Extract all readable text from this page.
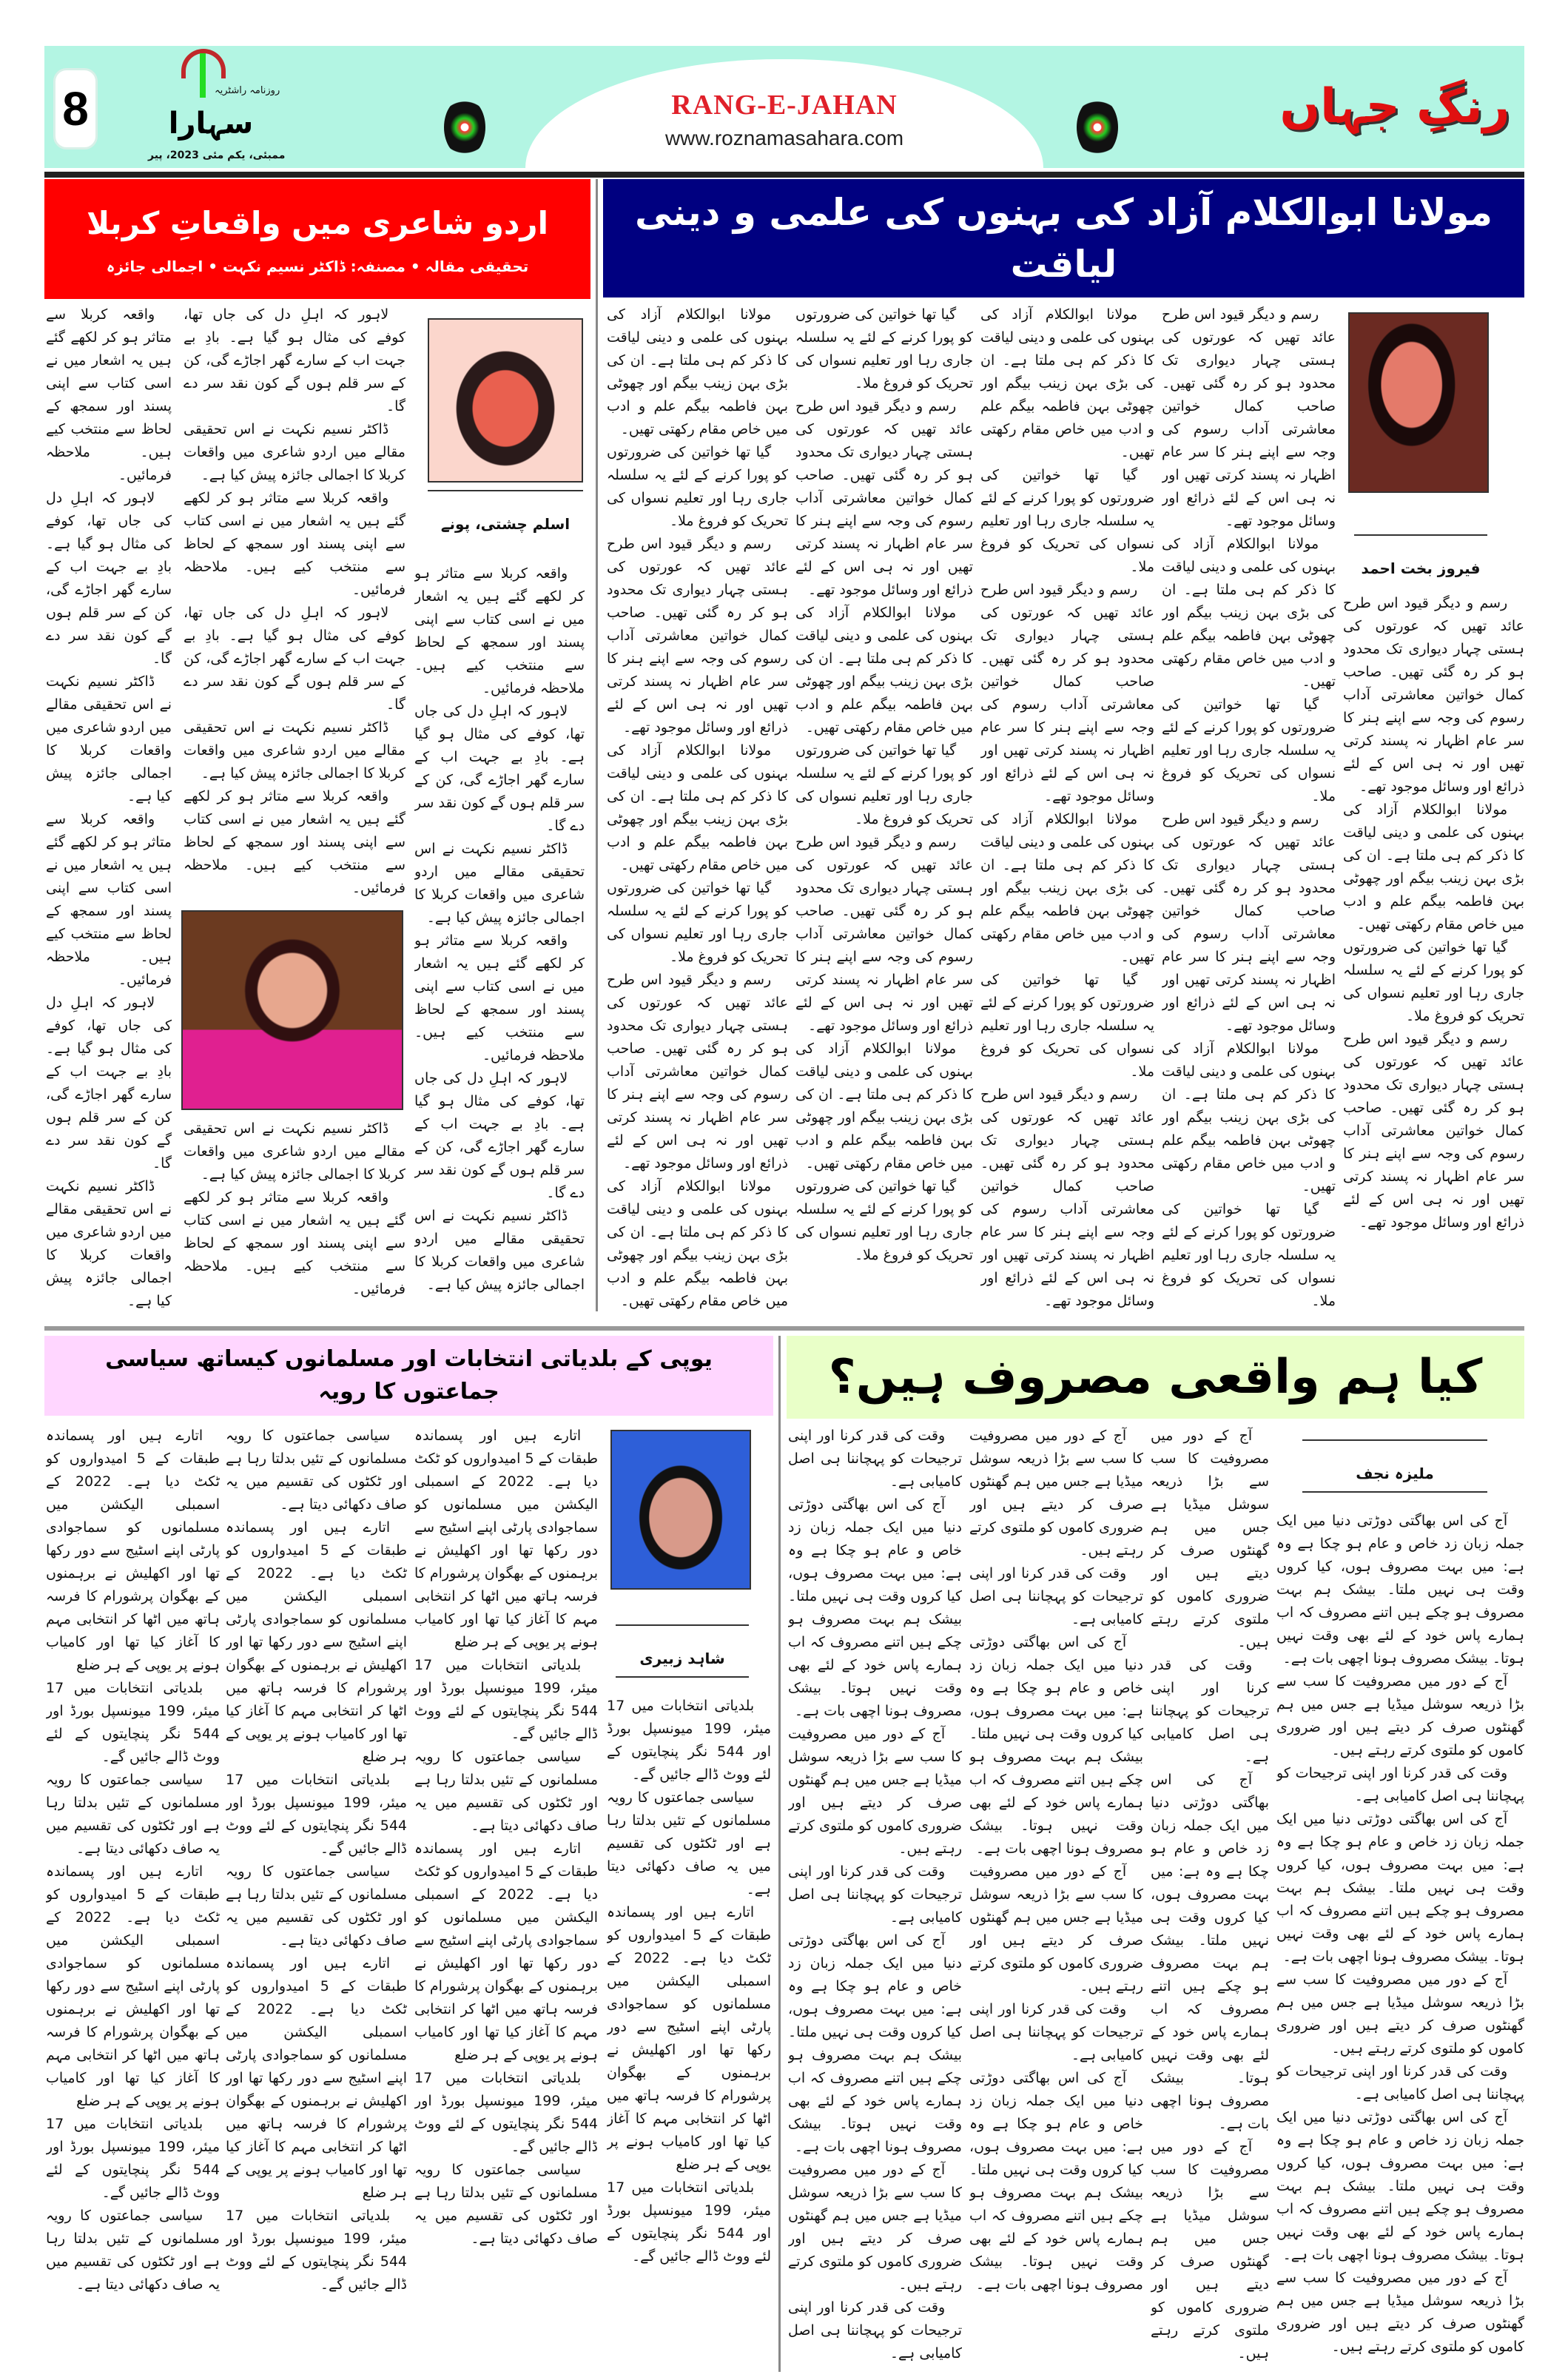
8	روزنامہ راشٹریہ
سہارا
ممبئی، یکم مئی 2023، پیر
RANG-E-JAHAN
www.roznamasahara.com
رنگِ جہاں
اردو شاعری میں واقعاتِ کربلا
تحقیقی مقالہ • مصنفہ: ڈاکٹر نسیم نکہت • اجمالی جائزہ
اسلم چشتی، پونے

واقعہ کربلا سے متاثر ہو کر لکھے گئے ہیں یہ اشعار میں نے اسی کتاب سے اپنی پسند اور سمجھ کے لحاظ سے منتخب کیے ہیں۔ ملاحظہ فرمائیں۔

لاہور کہ اہلِ دل کی جاں تھا، کوفے کی مثال ہو گیا ہے۔ بادِ بے جہت اب کے سارے گھر اجاڑے گی، کن کے سر قلم ہوں گے کون نقد سر دے گا۔

ڈاکٹر نسیم نکہت نے اس تحقیقی مقالے میں اردو شاعری میں واقعات کربلا کا اجمالی جائزہ پیش کیا ہے۔

واقعہ کربلا سے متاثر ہو کر لکھے گئے ہیں یہ اشعار میں نے اسی کتاب سے اپنی پسند اور سمجھ کے لحاظ سے منتخب کیے ہیں۔ ملاحظہ فرمائیں۔

لاہور کہ اہلِ دل کی جاں تھا، کوفے کی مثال ہو گیا ہے۔ بادِ بے جہت اب کے سارے گھر اجاڑے گی، کن کے سر قلم ہوں گے کون نقد سر دے گا۔

ڈاکٹر نسیم نکہت نے اس تحقیقی مقالے میں اردو شاعری میں واقعات کربلا کا اجمالی جائزہ پیش کیا ہے۔

لاہور کہ اہلِ دل کی جاں تھا، کوفے کی مثال ہو گیا ہے۔ بادِ بے جہت اب کے سارے گھر اجاڑے گی، کن کے سر قلم ہوں گے کون نقد سر دے گا۔

ڈاکٹر نسیم نکہت نے اس تحقیقی مقالے میں اردو شاعری میں واقعات کربلا کا اجمالی جائزہ پیش کیا ہے۔

واقعہ کربلا سے متاثر ہو کر لکھے گئے ہیں یہ اشعار میں نے اسی کتاب سے اپنی پسند اور سمجھ کے لحاظ سے منتخب کیے ہیں۔ ملاحظہ فرمائیں۔

لاہور کہ اہلِ دل کی جاں تھا، کوفے کی مثال ہو گیا ہے۔ بادِ بے جہت اب کے سارے گھر اجاڑے گی، کن کے سر قلم ہوں گے کون نقد سر دے گا۔

ڈاکٹر نسیم نکہت نے اس تحقیقی مقالے میں اردو شاعری میں واقعات کربلا کا اجمالی جائزہ پیش کیا ہے۔

واقعہ کربلا سے متاثر ہو کر لکھے گئے ہیں یہ اشعار میں نے اسی کتاب سے اپنی پسند اور سمجھ کے لحاظ سے منتخب کیے ہیں۔ ملاحظہ فرمائیں۔

ڈاکٹر نسیم نکہت نے اس تحقیقی مقالے میں اردو شاعری میں واقعات کربلا کا اجمالی جائزہ پیش کیا ہے۔

واقعہ کربلا سے متاثر ہو کر لکھے گئے ہیں یہ اشعار میں نے اسی کتاب سے اپنی پسند اور سمجھ کے لحاظ سے منتخب کیے ہیں۔ ملاحظہ فرمائیں۔

واقعہ کربلا سے متاثر ہو کر لکھے گئے ہیں یہ اشعار میں نے اسی کتاب سے اپنی پسند اور سمجھ کے لحاظ سے منتخب کیے ہیں۔ ملاحظہ فرمائیں۔

لاہور کہ اہلِ دل کی جاں تھا، کوفے کی مثال ہو گیا ہے۔ بادِ بے جہت اب کے سارے گھر اجاڑے گی، کن کے سر قلم ہوں گے کون نقد سر دے گا۔

ڈاکٹر نسیم نکہت نے اس تحقیقی مقالے میں اردو شاعری میں واقعات کربلا کا اجمالی جائزہ پیش کیا ہے۔

واقعہ کربلا سے متاثر ہو کر لکھے گئے ہیں یہ اشعار میں نے اسی کتاب سے اپنی پسند اور سمجھ کے لحاظ سے منتخب کیے ہیں۔ ملاحظہ فرمائیں۔

لاہور کہ اہلِ دل کی جاں تھا، کوفے کی مثال ہو گیا ہے۔ بادِ بے جہت اب کے سارے گھر اجاڑے گی، کن کے سر قلم ہوں گے کون نقد سر دے گا۔

ڈاکٹر نسیم نکہت نے اس تحقیقی مقالے میں اردو شاعری میں واقعات کربلا کا اجمالی جائزہ پیش کیا ہے۔

مولانا ابوالکلام آزاد کی بہنوں کی علمی و دینی لیاقت
فیروز بخت احمد

رسم و دیگر قیود اس طرح عائد تھیں کہ عورتوں کی ہستی چہار دیواری تک محدود ہو کر رہ گئی تھیں۔ صاحب کمال خواتین معاشرتی آداب رسوم کی وجہ سے اپنے ہنر کا سر عام اظہار نہ پسند کرتی تھیں اور نہ ہی اس کے لئے ذرائع اور وسائل موجود تھے۔

مولانا ابوالکلام آزاد کی بہنوں کی علمی و دینی لیاقت کا ذکر کم ہی ملتا ہے۔ ان کی بڑی بہن زینب بیگم اور چھوٹی بہن فاطمہ بیگم علم و ادب میں خاص مقام رکھتی تھیں۔

گیا تھا خواتین کی ضرورتوں کو پورا کرنے کے لئے یہ سلسلہ جاری رہا اور تعلیم نسواں کی تحریک کو فروغ ملا۔

رسم و دیگر قیود اس طرح عائد تھیں کہ عورتوں کی ہستی چہار دیواری تک محدود ہو کر رہ گئی تھیں۔ صاحب کمال خواتین معاشرتی آداب رسوم کی وجہ سے اپنے ہنر کا سر عام اظہار نہ پسند کرتی تھیں اور نہ ہی اس کے لئے ذرائع اور وسائل موجود تھے۔

رسم و دیگر قیود اس طرح عائد تھیں کہ عورتوں کی ہستی چہار دیواری تک محدود ہو کر رہ گئی تھیں۔ صاحب کمال خواتین معاشرتی آداب رسوم کی وجہ سے اپنے ہنر کا سر عام اظہار نہ پسند کرتی تھیں اور نہ ہی اس کے لئے ذرائع اور وسائل موجود تھے۔

مولانا ابوالکلام آزاد کی بہنوں کی علمی و دینی لیاقت کا ذکر کم ہی ملتا ہے۔ ان کی بڑی بہن زینب بیگم اور چھوٹی بہن فاطمہ بیگم علم و ادب میں خاص مقام رکھتی تھیں۔

گیا تھا خواتین کی ضرورتوں کو پورا کرنے کے لئے یہ سلسلہ جاری رہا اور تعلیم نسواں کی تحریک کو فروغ ملا۔

رسم و دیگر قیود اس طرح عائد تھیں کہ عورتوں کی ہستی چہار دیواری تک محدود ہو کر رہ گئی تھیں۔ صاحب کمال خواتین معاشرتی آداب رسوم کی وجہ سے اپنے ہنر کا سر عام اظہار نہ پسند کرتی تھیں اور نہ ہی اس کے لئے ذرائع اور وسائل موجود تھے۔

مولانا ابوالکلام آزاد کی بہنوں کی علمی و دینی لیاقت کا ذکر کم ہی ملتا ہے۔ ان کی بڑی بہن زینب بیگم اور چھوٹی بہن فاطمہ بیگم علم و ادب میں خاص مقام رکھتی تھیں۔

گیا تھا خواتین کی ضرورتوں کو پورا کرنے کے لئے یہ سلسلہ جاری رہا اور تعلیم نسواں کی تحریک کو فروغ ملا۔

مولانا ابوالکلام آزاد کی بہنوں کی علمی و دینی لیاقت کا ذکر کم ہی ملتا ہے۔ ان کی بڑی بہن زینب بیگم اور چھوٹی بہن فاطمہ بیگم علم و ادب میں خاص مقام رکھتی تھیں۔

گیا تھا خواتین کی ضرورتوں کو پورا کرنے کے لئے یہ سلسلہ جاری رہا اور تعلیم نسواں کی تحریک کو فروغ ملا۔

رسم و دیگر قیود اس طرح عائد تھیں کہ عورتوں کی ہستی چہار دیواری تک محدود ہو کر رہ گئی تھیں۔ صاحب کمال خواتین معاشرتی آداب رسوم کی وجہ سے اپنے ہنر کا سر عام اظہار نہ پسند کرتی تھیں اور نہ ہی اس کے لئے ذرائع اور وسائل موجود تھے۔

مولانا ابوالکلام آزاد کی بہنوں کی علمی و دینی لیاقت کا ذکر کم ہی ملتا ہے۔ ان کی بڑی بہن زینب بیگم اور چھوٹی بہن فاطمہ بیگم علم و ادب میں خاص مقام رکھتی تھیں۔

گیا تھا خواتین کی ضرورتوں کو پورا کرنے کے لئے یہ سلسلہ جاری رہا اور تعلیم نسواں کی تحریک کو فروغ ملا۔

رسم و دیگر قیود اس طرح عائد تھیں کہ عورتوں کی ہستی چہار دیواری تک محدود ہو کر رہ گئی تھیں۔ صاحب کمال خواتین معاشرتی آداب رسوم کی وجہ سے اپنے ہنر کا سر عام اظہار نہ پسند کرتی تھیں اور نہ ہی اس کے لئے ذرائع اور وسائل موجود تھے۔

گیا تھا خواتین کی ضرورتوں کو پورا کرنے کے لئے یہ سلسلہ جاری رہا اور تعلیم نسواں کی تحریک کو فروغ ملا۔

رسم و دیگر قیود اس طرح عائد تھیں کہ عورتوں کی ہستی چہار دیواری تک محدود ہو کر رہ گئی تھیں۔ صاحب کمال خواتین معاشرتی آداب رسوم کی وجہ سے اپنے ہنر کا سر عام اظہار نہ پسند کرتی تھیں اور نہ ہی اس کے لئے ذرائع اور وسائل موجود تھے۔

مولانا ابوالکلام آزاد کی بہنوں کی علمی و دینی لیاقت کا ذکر کم ہی ملتا ہے۔ ان کی بڑی بہن زینب بیگم اور چھوٹی بہن فاطمہ بیگم علم و ادب میں خاص مقام رکھتی تھیں۔

گیا تھا خواتین کی ضرورتوں کو پورا کرنے کے لئے یہ سلسلہ جاری رہا اور تعلیم نسواں کی تحریک کو فروغ ملا۔

رسم و دیگر قیود اس طرح عائد تھیں کہ عورتوں کی ہستی چہار دیواری تک محدود ہو کر رہ گئی تھیں۔ صاحب کمال خواتین معاشرتی آداب رسوم کی وجہ سے اپنے ہنر کا سر عام اظہار نہ پسند کرتی تھیں اور نہ ہی اس کے لئے ذرائع اور وسائل موجود تھے۔

مولانا ابوالکلام آزاد کی بہنوں کی علمی و دینی لیاقت کا ذکر کم ہی ملتا ہے۔ ان کی بڑی بہن زینب بیگم اور چھوٹی بہن فاطمہ بیگم علم و ادب میں خاص مقام رکھتی تھیں۔

گیا تھا خواتین کی ضرورتوں کو پورا کرنے کے لئے یہ سلسلہ جاری رہا اور تعلیم نسواں کی تحریک کو فروغ ملا۔

مولانا ابوالکلام آزاد کی بہنوں کی علمی و دینی لیاقت کا ذکر کم ہی ملتا ہے۔ ان کی بڑی بہن زینب بیگم اور چھوٹی بہن فاطمہ بیگم علم و ادب میں خاص مقام رکھتی تھیں۔

گیا تھا خواتین کی ضرورتوں کو پورا کرنے کے لئے یہ سلسلہ جاری رہا اور تعلیم نسواں کی تحریک کو فروغ ملا۔

رسم و دیگر قیود اس طرح عائد تھیں کہ عورتوں کی ہستی چہار دیواری تک محدود ہو کر رہ گئی تھیں۔ صاحب کمال خواتین معاشرتی آداب رسوم کی وجہ سے اپنے ہنر کا سر عام اظہار نہ پسند کرتی تھیں اور نہ ہی اس کے لئے ذرائع اور وسائل موجود تھے۔

مولانا ابوالکلام آزاد کی بہنوں کی علمی و دینی لیاقت کا ذکر کم ہی ملتا ہے۔ ان کی بڑی بہن زینب بیگم اور چھوٹی بہن فاطمہ بیگم علم و ادب میں خاص مقام رکھتی تھیں۔

گیا تھا خواتین کی ضرورتوں کو پورا کرنے کے لئے یہ سلسلہ جاری رہا اور تعلیم نسواں کی تحریک کو فروغ ملا۔

رسم و دیگر قیود اس طرح عائد تھیں کہ عورتوں کی ہستی چہار دیواری تک محدود ہو کر رہ گئی تھیں۔ صاحب کمال خواتین معاشرتی آداب رسوم کی وجہ سے اپنے ہنر کا سر عام اظہار نہ پسند کرتی تھیں اور نہ ہی اس کے لئے ذرائع اور وسائل موجود تھے۔

مولانا ابوالکلام آزاد کی بہنوں کی علمی و دینی لیاقت کا ذکر کم ہی ملتا ہے۔ ان کی بڑی بہن زینب بیگم اور چھوٹی بہن فاطمہ بیگم علم و ادب میں خاص مقام رکھتی تھیں۔

یوپی کے بلدیاتی انتخابات اور مسلمانوں کیساتھ سیاسی جماعتوں کا رویہ
شاہد زبیری

بلدیاتی انتخابات میں 17 میئر، 199 میونسپل بورڈ اور 544 نگر پنچایتوں کے لئے ووٹ ڈالے جائیں گے۔

سیاسی جماعتوں کا رویہ مسلمانوں کے تئیں بدلتا رہا ہے اور ٹکٹوں کی تقسیم میں یہ صاف دکھائی دیتا ہے۔

اتارے ہیں اور پسماندہ طبقات کے 5 امیدواروں کو ٹکٹ دیا ہے۔ 2022 کے اسمبلی الیکشن میں مسلمانوں کو سماجوادی پارٹی اپنے اسٹیج سے دور رکھا تھا اور اکھلیش نے برہمنوں کے بھگوان پرشورام کا فرسہ ہاتھ میں اٹھا کر انتخابی مہم کا آغاز کیا تھا اور کامیاب ہونے پر یوپی کے ہر ضلع

بلدیاتی انتخابات میں 17 میئر، 199 میونسپل بورڈ اور 544 نگر پنچایتوں کے لئے ووٹ ڈالے جائیں گے۔

اتارے ہیں اور پسماندہ طبقات کے 5 امیدواروں کو ٹکٹ دیا ہے۔ 2022 کے اسمبلی الیکشن میں مسلمانوں کو سماجوادی پارٹی اپنے اسٹیج سے دور رکھا تھا اور اکھلیش نے برہمنوں کے بھگوان پرشورام کا فرسہ ہاتھ میں اٹھا کر انتخابی مہم کا آغاز کیا تھا اور کامیاب ہونے پر یوپی کے ہر ضلع

بلدیاتی انتخابات میں 17 میئر، 199 میونسپل بورڈ اور 544 نگر پنچایتوں کے لئے ووٹ ڈالے جائیں گے۔

سیاسی جماعتوں کا رویہ مسلمانوں کے تئیں بدلتا رہا ہے اور ٹکٹوں کی تقسیم میں یہ صاف دکھائی دیتا ہے۔

اتارے ہیں اور پسماندہ طبقات کے 5 امیدواروں کو ٹکٹ دیا ہے۔ 2022 کے اسمبلی الیکشن میں مسلمانوں کو سماجوادی پارٹی اپنے اسٹیج سے دور رکھا تھا اور اکھلیش نے برہمنوں کے بھگوان پرشورام کا فرسہ ہاتھ میں اٹھا کر انتخابی مہم کا آغاز کیا تھا اور کامیاب ہونے پر یوپی کے ہر ضلع

بلدیاتی انتخابات میں 17 میئر، 199 میونسپل بورڈ اور 544 نگر پنچایتوں کے لئے ووٹ ڈالے جائیں گے۔

سیاسی جماعتوں کا رویہ مسلمانوں کے تئیں بدلتا رہا ہے اور ٹکٹوں کی تقسیم میں یہ صاف دکھائی دیتا ہے۔

سیاسی جماعتوں کا رویہ مسلمانوں کے تئیں بدلتا رہا ہے اور ٹکٹوں کی تقسیم میں یہ صاف دکھائی دیتا ہے۔

اتارے ہیں اور پسماندہ طبقات کے 5 امیدواروں کو ٹکٹ دیا ہے۔ 2022 کے اسمبلی الیکشن میں مسلمانوں کو سماجوادی پارٹی اپنے اسٹیج سے دور رکھا تھا اور اکھلیش نے برہمنوں کے بھگوان پرشورام کا فرسہ ہاتھ میں اٹھا کر انتخابی مہم کا آغاز کیا تھا اور کامیاب ہونے پر یوپی کے ہر ضلع

بلدیاتی انتخابات میں 17 میئر، 199 میونسپل بورڈ اور 544 نگر پنچایتوں کے لئے ووٹ ڈالے جائیں گے۔

سیاسی جماعتوں کا رویہ مسلمانوں کے تئیں بدلتا رہا ہے اور ٹکٹوں کی تقسیم میں یہ صاف دکھائی دیتا ہے۔

اتارے ہیں اور پسماندہ طبقات کے 5 امیدواروں کو ٹکٹ دیا ہے۔ 2022 کے اسمبلی الیکشن میں مسلمانوں کو سماجوادی پارٹی اپنے اسٹیج سے دور رکھا تھا اور اکھلیش نے برہمنوں کے بھگوان پرشورام کا فرسہ ہاتھ میں اٹھا کر انتخابی مہم کا آغاز کیا تھا اور کامیاب ہونے پر یوپی کے ہر ضلع

بلدیاتی انتخابات میں 17 میئر، 199 میونسپل بورڈ اور 544 نگر پنچایتوں کے لئے ووٹ ڈالے جائیں گے۔

اتارے ہیں اور پسماندہ طبقات کے 5 امیدواروں کو ٹکٹ دیا ہے۔ 2022 کے اسمبلی الیکشن میں مسلمانوں کو سماجوادی پارٹی اپنے اسٹیج سے دور رکھا تھا اور اکھلیش نے برہمنوں کے بھگوان پرشورام کا فرسہ ہاتھ میں اٹھا کر انتخابی مہم کا آغاز کیا تھا اور کامیاب ہونے پر یوپی کے ہر ضلع

بلدیاتی انتخابات میں 17 میئر، 199 میونسپل بورڈ اور 544 نگر پنچایتوں کے لئے ووٹ ڈالے جائیں گے۔

سیاسی جماعتوں کا رویہ مسلمانوں کے تئیں بدلتا رہا ہے اور ٹکٹوں کی تقسیم میں یہ صاف دکھائی دیتا ہے۔

اتارے ہیں اور پسماندہ طبقات کے 5 امیدواروں کو ٹکٹ دیا ہے۔ 2022 کے اسمبلی الیکشن میں مسلمانوں کو سماجوادی پارٹی اپنے اسٹیج سے دور رکھا تھا اور اکھلیش نے برہمنوں کے بھگوان پرشورام کا فرسہ ہاتھ میں اٹھا کر انتخابی مہم کا آغاز کیا تھا اور کامیاب ہونے پر یوپی کے ہر ضلع

بلدیاتی انتخابات میں 17 میئر، 199 میونسپل بورڈ اور 544 نگر پنچایتوں کے لئے ووٹ ڈالے جائیں گے۔

سیاسی جماعتوں کا رویہ مسلمانوں کے تئیں بدلتا رہا ہے اور ٹکٹوں کی تقسیم میں یہ صاف دکھائی دیتا ہے۔

کیا ہم واقعی مصروف ہیں؟
ملیزہ نجف

آج کی اس بھاگتی دوڑتی دنیا میں ایک جملہ زبان زد خاص و عام ہو چکا ہے وہ ہے: میں بہت مصروف ہوں، کیا کروں وقت ہی نہیں ملتا۔ بیشک ہم بہت مصروف ہو چکے ہیں اتنے مصروف کہ اب ہمارے پاس خود کے لئے بھی وقت نہیں ہوتا۔ بیشک مصروف ہونا اچھی بات ہے۔

آج کے دور میں مصروفیت کا سب سے بڑا ذریعہ سوشل میڈیا ہے جس میں ہم گھنٹوں صرف کر دیتے ہیں اور ضروری کاموں کو ملتوی کرتے رہتے ہیں۔

وقت کی قدر کرنا اور اپنی ترجیحات کو پہچاننا ہی اصل کامیابی ہے۔

آج کی اس بھاگتی دوڑتی دنیا میں ایک جملہ زبان زد خاص و عام ہو چکا ہے وہ ہے: میں بہت مصروف ہوں، کیا کروں وقت ہی نہیں ملتا۔ بیشک ہم بہت مصروف ہو چکے ہیں اتنے مصروف کہ اب ہمارے پاس خود کے لئے بھی وقت نہیں ہوتا۔ بیشک مصروف ہونا اچھی بات ہے۔

آج کے دور میں مصروفیت کا سب سے بڑا ذریعہ سوشل میڈیا ہے جس میں ہم گھنٹوں صرف کر دیتے ہیں اور ضروری کاموں کو ملتوی کرتے رہتے ہیں۔

وقت کی قدر کرنا اور اپنی ترجیحات کو پہچاننا ہی اصل کامیابی ہے۔

آج کی اس بھاگتی دوڑتی دنیا میں ایک جملہ زبان زد خاص و عام ہو چکا ہے وہ ہے: میں بہت مصروف ہوں، کیا کروں وقت ہی نہیں ملتا۔ بیشک ہم بہت مصروف ہو چکے ہیں اتنے مصروف کہ اب ہمارے پاس خود کے لئے بھی وقت نہیں ہوتا۔ بیشک مصروف ہونا اچھی بات ہے۔

آج کے دور میں مصروفیت کا سب سے بڑا ذریعہ سوشل میڈیا ہے جس میں ہم گھنٹوں صرف کر دیتے ہیں اور ضروری کاموں کو ملتوی کرتے رہتے ہیں۔

آج کے دور میں مصروفیت کا سب سے بڑا ذریعہ سوشل میڈیا ہے جس میں ہم گھنٹوں صرف کر دیتے ہیں اور ضروری کاموں کو ملتوی کرتے رہتے ہیں۔

وقت کی قدر کرنا اور اپنی ترجیحات کو پہچاننا ہی اصل کامیابی ہے۔

آج کی اس بھاگتی دوڑتی دنیا میں ایک جملہ زبان زد خاص و عام ہو چکا ہے وہ ہے: میں بہت مصروف ہوں، کیا کروں وقت ہی نہیں ملتا۔ بیشک ہم بہت مصروف ہو چکے ہیں اتنے مصروف کہ اب ہمارے پاس خود کے لئے بھی وقت نہیں ہوتا۔ بیشک مصروف ہونا اچھی بات ہے۔

آج کے دور میں مصروفیت کا سب سے بڑا ذریعہ سوشل میڈیا ہے جس میں ہم گھنٹوں صرف کر دیتے ہیں اور ضروری کاموں کو ملتوی کرتے رہتے ہیں۔

آج کے دور میں مصروفیت کا سب سے بڑا ذریعہ سوشل میڈیا ہے جس میں ہم گھنٹوں صرف کر دیتے ہیں اور ضروری کاموں کو ملتوی کرتے رہتے ہیں۔

وقت کی قدر کرنا اور اپنی ترجیحات کو پہچاننا ہی اصل کامیابی ہے۔

آج کی اس بھاگتی دوڑتی دنیا میں ایک جملہ زبان زد خاص و عام ہو چکا ہے وہ ہے: میں بہت مصروف ہوں، کیا کروں وقت ہی نہیں ملتا۔ بیشک ہم بہت مصروف ہو چکے ہیں اتنے مصروف کہ اب ہمارے پاس خود کے لئے بھی وقت نہیں ہوتا۔ بیشک مصروف ہونا اچھی بات ہے۔

آج کے دور میں مصروفیت کا سب سے بڑا ذریعہ سوشل میڈیا ہے جس میں ہم گھنٹوں صرف کر دیتے ہیں اور ضروری کاموں کو ملتوی کرتے رہتے ہیں۔

وقت کی قدر کرنا اور اپنی ترجیحات کو پہچاننا ہی اصل کامیابی ہے۔

آج کی اس بھاگتی دوڑتی دنیا میں ایک جملہ زبان زد خاص و عام ہو چکا ہے وہ ہے: میں بہت مصروف ہوں، کیا کروں وقت ہی نہیں ملتا۔ بیشک ہم بہت مصروف ہو چکے ہیں اتنے مصروف کہ اب ہمارے پاس خود کے لئے بھی وقت نہیں ہوتا۔ بیشک مصروف ہونا اچھی بات ہے۔

وقت کی قدر کرنا اور اپنی ترجیحات کو پہچاننا ہی اصل کامیابی ہے۔

آج کی اس بھاگتی دوڑتی دنیا میں ایک جملہ زبان زد خاص و عام ہو چکا ہے وہ ہے: میں بہت مصروف ہوں، کیا کروں وقت ہی نہیں ملتا۔ بیشک ہم بہت مصروف ہو چکے ہیں اتنے مصروف کہ اب ہمارے پاس خود کے لئے بھی وقت نہیں ہوتا۔ بیشک مصروف ہونا اچھی بات ہے۔

آج کے دور میں مصروفیت کا سب سے بڑا ذریعہ سوشل میڈیا ہے جس میں ہم گھنٹوں صرف کر دیتے ہیں اور ضروری کاموں کو ملتوی کرتے رہتے ہیں۔

وقت کی قدر کرنا اور اپنی ترجیحات کو پہچاننا ہی اصل کامیابی ہے۔

آج کی اس بھاگتی دوڑتی دنیا میں ایک جملہ زبان زد خاص و عام ہو چکا ہے وہ ہے: میں بہت مصروف ہوں، کیا کروں وقت ہی نہیں ملتا۔ بیشک ہم بہت مصروف ہو چکے ہیں اتنے مصروف کہ اب ہمارے پاس خود کے لئے بھی وقت نہیں ہوتا۔ بیشک مصروف ہونا اچھی بات ہے۔

آج کے دور میں مصروفیت کا سب سے بڑا ذریعہ سوشل میڈیا ہے جس میں ہم گھنٹوں صرف کر دیتے ہیں اور ضروری کاموں کو ملتوی کرتے رہتے ہیں۔

وقت کی قدر کرنا اور اپنی ترجیحات کو پہچاننا ہی اصل کامیابی ہے۔
